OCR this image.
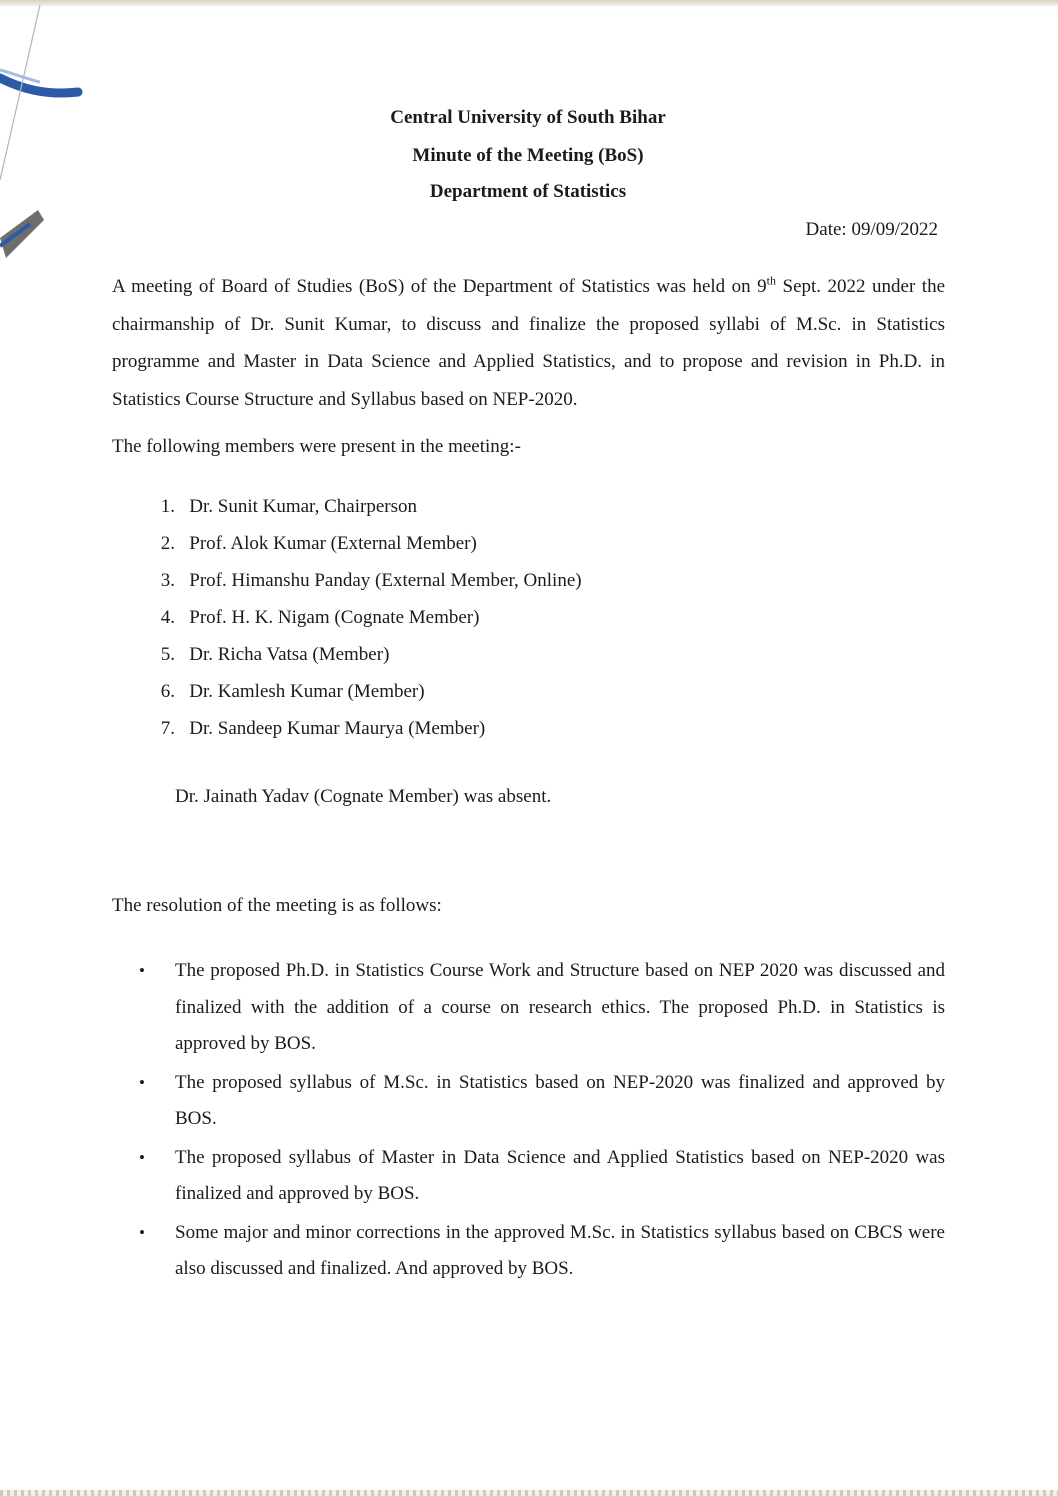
Central University of South Bihar
Minute of the Meeting (BoS)
Department of Statistics
Date: 09/09/2022
A meeting of Board of Studies (BoS) of the Department of Statistics was held on 9th Sept. 2022 under the chairmanship of Dr. Sunit Kumar, to discuss and finalize the proposed syllabi of M.Sc. in Statistics programme and Master in Data Science and Applied Statistics, and to propose and revision in Ph.D. in Statistics Course Structure and Syllabus based on NEP-2020.
The following members were present in the meeting:-
1.
Dr. Sunit Kumar, Chairperson
2.
Prof. Alok Kumar (External Member)
3.
Prof. Himanshu Panday (External Member, Online)
4.
Prof. H. K. Nigam (Cognate Member)
5.
Dr. Richa Vatsa (Member)
6.
Dr. Kamlesh Kumar (Member)
7.
Dr. Sandeep Kumar Maurya (Member)
Dr. Jainath Yadav (Cognate Member) was absent.
The resolution of the meeting is as follows:
• The proposed Ph.D. in Statistics Course Work and Structure based on NEP 2020 was discussed and finalized with the addition of a course on research ethics. The proposed Ph.D. in Statistics is approved by BOS.
• The proposed syllabus of M.Sc. in Statistics based on NEP-2020 was finalized and approved by BOS.
• The proposed syllabus of Master in Data Science and Applied Statistics based on NEP-2020 was finalized and approved by BOS.
• Some major and minor corrections in the approved M.Sc. in Statistics syllabus based on CBCS were also discussed and finalized. And approved by BOS.
